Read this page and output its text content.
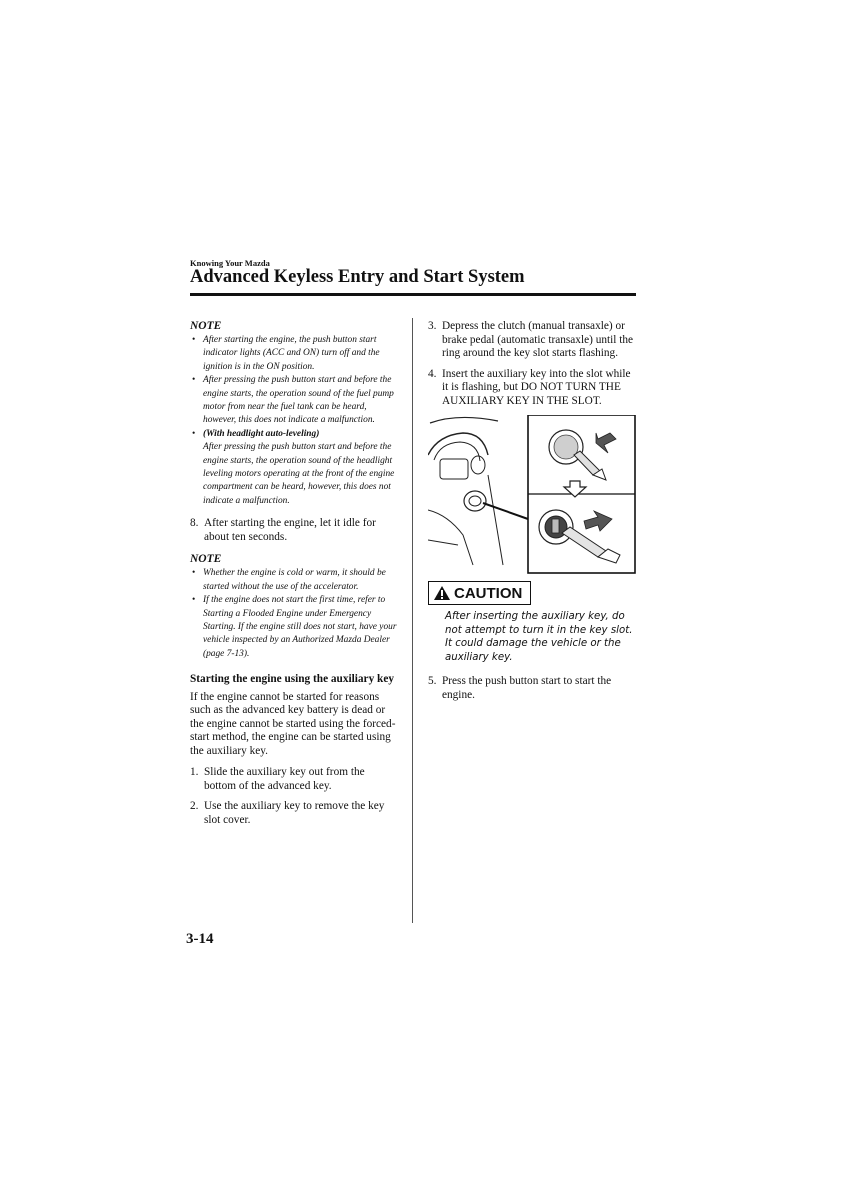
Knowing Your Mazda
Advanced Keyless Entry and Start System
NOTE
• After starting the engine, the push button start indicator lights (ACC and ON) turn off and the ignition is in the ON position.
• After pressing the push button start and before the engine starts, the operation sound of the fuel pump motor from near the fuel tank can be heard, however, this does not indicate a malfunction.
• (With headlight auto-leveling)
After pressing the push button start and before the engine starts, the operation sound of the headlight leveling motors operating at the front of the engine compartment can be heard, however, this does not indicate a malfunction.
8. After starting the engine, let it idle for about ten seconds.
NOTE
• Whether the engine is cold or warm, it should be started without the use of the accelerator.
• If the engine does not start the first time, refer to Starting a Flooded Engine under Emergency Starting. If the engine still does not start, have your vehicle inspected by an Authorized Mazda Dealer (page 7-13).

Starting the engine using the auxiliary key

If the engine cannot be started for reasons such as the advanced key battery is dead or the engine cannot be started using the forced-start method, the engine can be started using the auxiliary key.

1. Slide the auxiliary key out from the bottom of the advanced key.
2. Use the auxiliary key to remove the key slot cover.
3. Depress the clutch (manual transaxle) or brake pedal (automatic transaxle) until the ring around the key slot starts flashing.
4. Insert the auxiliary key into the slot while it is flashing, but DO NOT TURN THE AUXILIARY KEY IN THE SLOT.
CAUTION

After inserting the auxiliary key, do not attempt to turn it in the key slot. It could damage the vehicle or the auxiliary key.

5. Press the push button start to start the engine.
3-14
